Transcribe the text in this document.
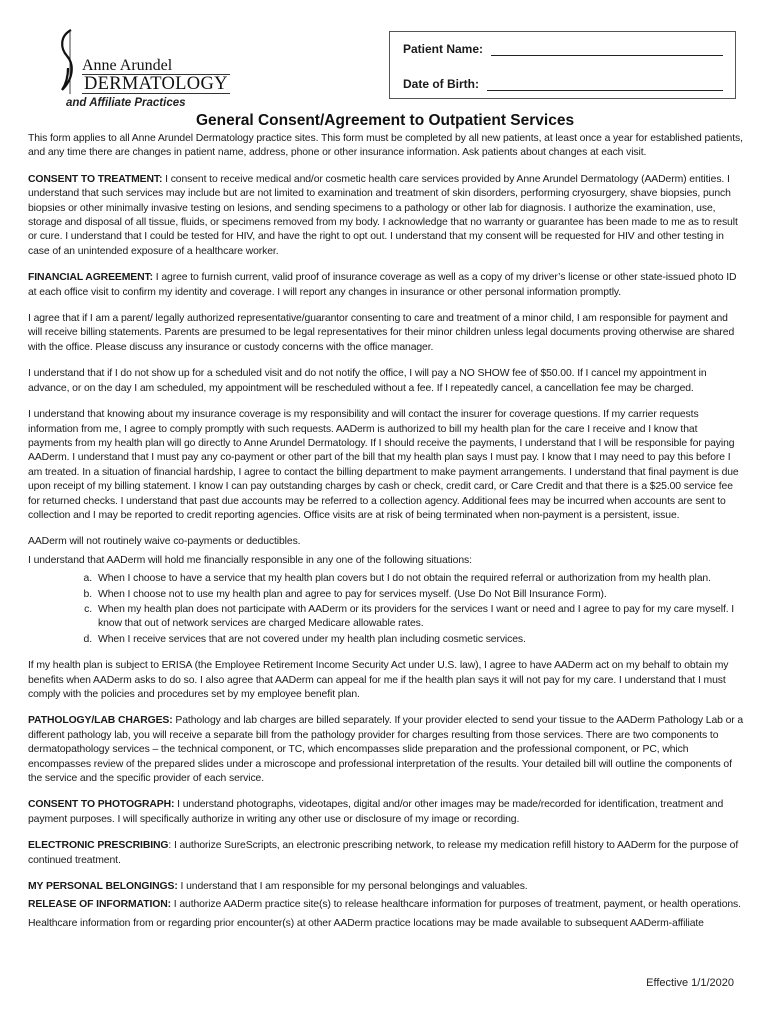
Anne Arundel
DERMATOLOGY
and Affiliate Practices
Patient Name:
Date of Birth:
General Consent/Agreement to Outpatient Services

This form applies to all Anne Arundel Dermatology practice sites. This form must be completed by all new patients, at least once a year for established patients, and any time there are changes in patient name, address, phone or other insurance information. Ask patients about changes at each visit.

CONSENT TO TREATMENT: I consent to receive medical and/or cosmetic health care services provided by Anne Arundel Dermatology (AADerm) entities. I understand that such services may include but are not limited to examination and treatment of skin disorders, performing cryosurgery, shave biopsies, punch biopsies or other minimally invasive testing on lesions, and sending specimens to a pathology or other lab for diagnosis. I authorize the examination, use, storage and disposal of all tissue, fluids, or specimens removed from my body. I acknowledge that no warranty or guarantee has been made to me as to result or cure. I understand that I could be tested for HIV, and have the right to opt out. I understand that my consent will be requested for HIV and other testing in case of an unintended exposure of a healthcare worker.

FINANCIAL AGREEMENT: I agree to furnish current, valid proof of insurance coverage as well as a copy of my driver’s license or other state-issued photo ID at each office visit to confirm my identity and coverage. I will report any changes in insurance or other personal information promptly.

I agree that if I am a parent/ legally authorized representative/guarantor consenting to care and treatment of a minor child, I am responsible for payment and will receive billing statements. Parents are presumed to be legal representatives for their minor children unless legal documents proving otherwise are shared with the office. Please discuss any insurance or custody concerns with the office manager.

I understand that if I do not show up for a scheduled visit and do not notify the office, I will pay a NO SHOW fee of $50.00. If I cancel my appointment in advance, or on the day I am scheduled, my appointment will be rescheduled without a fee. If I repeatedly cancel, a cancellation fee may be charged.

I understand that knowing about my insurance coverage is my responsibility and will contact the insurer for coverage questions. If my carrier requests information from me, I agree to comply promptly with such requests. AADerm is authorized to bill my health plan for the care I receive and I know that payments from my health plan will go directly to Anne Arundel Dermatology. If I should receive the payments, I understand that I will be responsible for paying AADerm. I understand that I must pay any co-payment or other part of the bill that my health plan says I must pay. I know that I may need to pay this before I am treated. In a situation of financial hardship, I agree to contact the billing department to make payment arrangements. I understand that final payment is due upon receipt of my billing statement. I know I can pay outstanding charges by cash or check, credit card, or Care Credit and that there is a $25.00 service fee for returned checks. I understand that past due accounts may be referred to a collection agency. Additional fees may be incurred when accounts are sent to collection and I may be reported to credit reporting agencies. Office visits are at risk of being terminated when non-payment is a persistent, issue.

AADerm will not routinely waive co-payments or deductibles.

I understand that AADerm will hold me financially responsible in any one of the following situations:

a. When I choose to have a service that my health plan covers but I do not obtain the required referral or authorization from my health plan.
b. When I choose not to use my health plan and agree to pay for services myself. (Use Do Not Bill Insurance Form).
c. When my health plan does not participate with AADerm or its providers for the services I want or need and I agree to pay for my care myself. I know that out of network services are charged Medicare allowable rates.
d. When I receive services that are not covered under my health plan including cosmetic services.

If my health plan is subject to ERISA (the Employee Retirement Income Security Act under U.S. law), I agree to have AADerm act on my behalf to obtain my benefits when AADerm asks to do so. I also agree that AADerm can appeal for me if the health plan says it will not pay for my care. I understand that I must comply with the policies and procedures set by my employee benefit plan.

PATHOLOGY/LAB CHARGES: Pathology and lab charges are billed separately. If your provider elected to send your tissue to the AADerm Pathology Lab or a different pathology lab, you will receive a separate bill from the pathology provider for charges resulting from those services. There are two components to dermatopathology services – the technical component, or TC, which encompasses slide preparation and the professional component, or PC, which encompasses review of the prepared slides under a microscope and professional interpretation of the results. Your detailed bill will outline the components of the service and the specific provider of each service.

CONSENT TO PHOTOGRAPH: I understand photographs, videotapes, digital and/or other images may be made/recorded for identification, treatment and payment purposes. I will specifically authorize in writing any other use or disclosure of my image or recording.

ELECTRONIC PRESCRIBING: I authorize SureScripts, an electronic prescribing network, to release my medication refill history to AADerm for the purpose of continued treatment.

MY PERSONAL BELONGINGS: I understand that I am responsible for my personal belongings and valuables.

RELEASE OF INFORMATION: I authorize AADerm practice site(s) to release healthcare information for purposes of treatment, payment, or health operations.

Healthcare information from or regarding prior encounter(s) at other AADerm practice locations may be made available to subsequent AADerm-affiliate

Effective 1/1/2020
